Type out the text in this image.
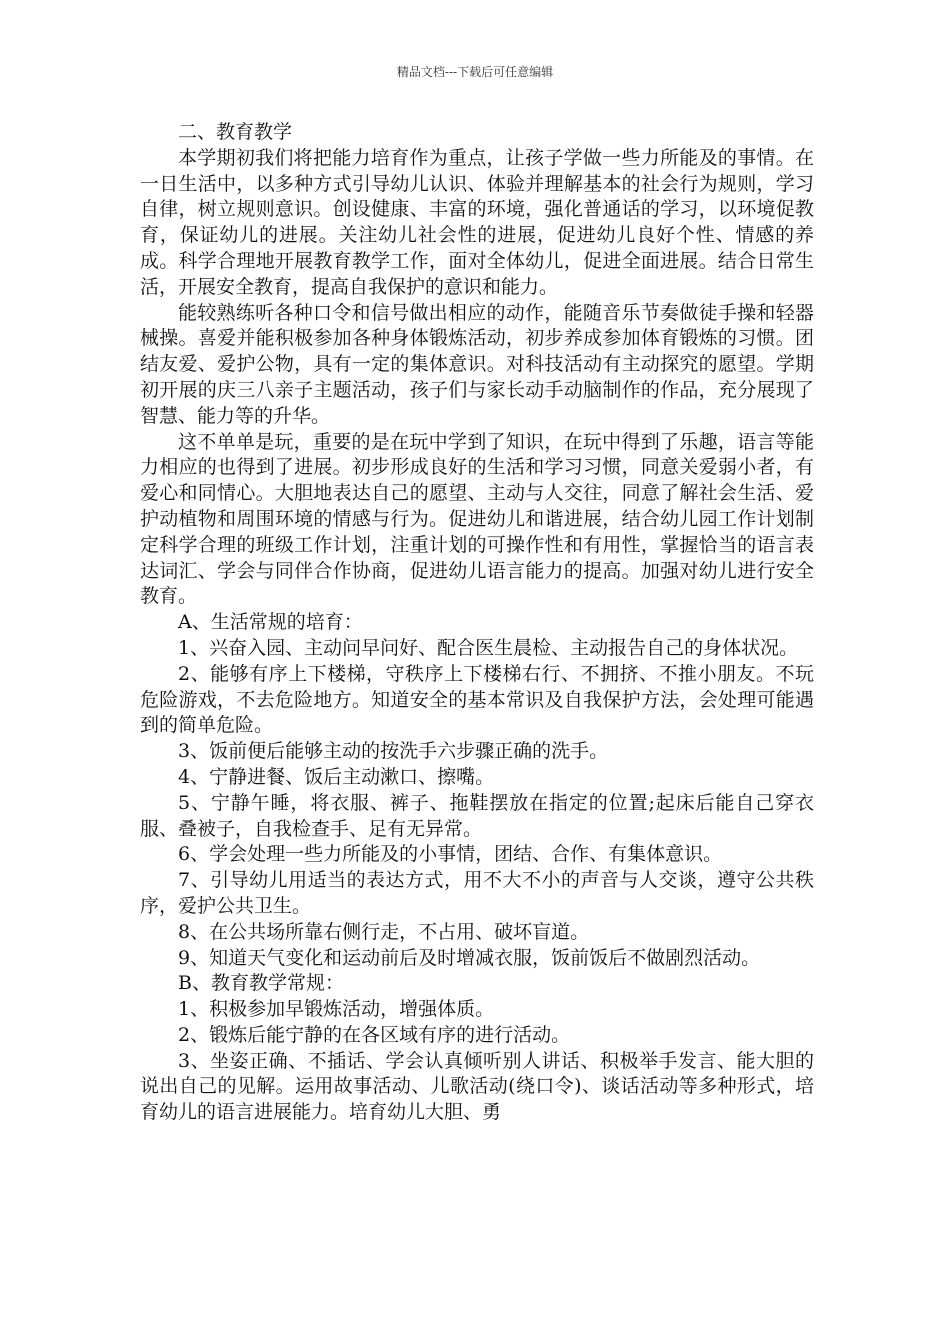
精品文档---下载后可任意编辑

二、教育教学

本学期初我们将把能力培育作为重点，让孩子学做一些力所能及的事情。在一日生活中，以多种方式引导幼儿认识、体验并理解基本的社会行为规则，学习自律，树立规则意识。创设健康、丰富的环境，强化普通话的学习，以环境促教育，保证幼儿的进展。关注幼儿社会性的进展，促进幼儿良好个性、情感的养成。科学合理地开展教育教学工作，面对全体幼儿，促进全面进展。结合日常生活，开展安全教育，提高自我保护的意识和能力。

能较熟练听各种口令和信号做出相应的动作，能随音乐节奏做徒手操和轻器械操。喜爱并能积极参加各种身体锻炼活动，初步养成参加体育锻炼的习惯。团结友爱、爱护公物，具有一定的集体意识。对科技活动有主动探究的愿望。学期初开展的庆三八亲子主题活动，孩子们与家长动手动脑制作的作品，充分展现了智慧、能力等的升华。

这不单单是玩，重要的是在玩中学到了知识，在玩中得到了乐趣，语言等能力相应的也得到了进展。初步形成良好的生活和学习习惯，同意关爱弱小者，有爱心和同情心。大胆地表达自己的愿望、主动与人交往，同意了解社会生活、爱护动植物和周围环境的情感与行为。促进幼儿和谐进展，结合幼儿园工作计划制定科学合理的班级工作计划，注重计划的可操作性和有用性，掌握恰当的语言表达词汇、学会与同伴合作协商，促进幼儿语言能力的提高。加强对幼儿进行安全教育。

A、生活常规的培育：

1、兴奋入园、主动问早问好、配合医生晨检、主动报告自己的身体状况。

2、能够有序上下楼梯，守秩序上下楼梯右行、不拥挤、不推小朋友。不玩危险游戏，不去危险地方。知道安全的基本常识及自我保护方法，会处理可能遇到的简单危险。

3、饭前便后能够主动的按洗手六步骤正确的洗手。

4、宁静进餐、饭后主动漱口、擦嘴。

5、宁静午睡，将衣服、裤子、拖鞋摆放在指定的位置;起床后能自己穿衣服、叠被子，自我检查手、足有无异常。

6、学会处理一些力所能及的小事情，团结、合作、有集体意识。

7、引导幼儿用适当的表达方式，用不大不小的声音与人交谈，遵守公共秩序，爱护公共卫生。

8、在公共场所靠右侧行走，不占用、破坏盲道。

9、知道天气变化和运动前后及时增减衣服，饭前饭后不做剧烈活动。

B、教育教学常规：

1、积极参加早锻炼活动，增强体质。

2、锻炼后能宁静的在各区域有序的进行活动。

3、坐姿正确、不插话、学会认真倾听别人讲话、积极举手发言、能大胆的说出自己的见解。运用故事活动、儿歌活动(绕口令)、谈话活动等多种形式，培育幼儿的语言进展能力。培育幼儿大胆、勇
